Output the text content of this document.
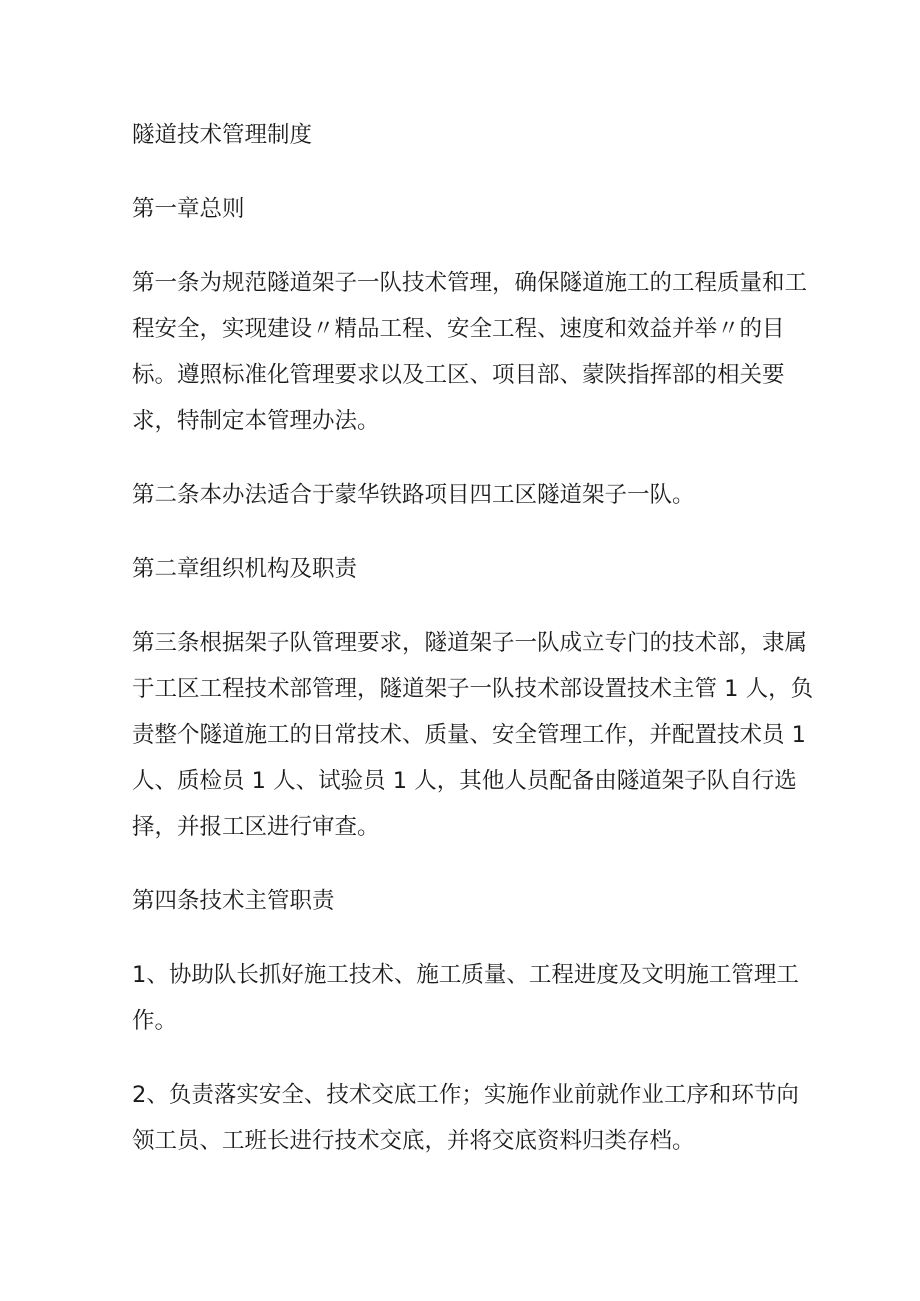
隧道技术管理制度
第一章总则
第一条为规范隧道架子一队技术管理，确保隧道施工的工程质量和工
程安全，实现建设〃精品工程、安全工程、速度和效益并举〃的目
标。遵照标准化管理要求以及工区、项目部、蒙陕指挥部的相关要
求，特制定本管理办法。
第二条本办法适合于蒙华铁路项目四工区隧道架子一队。
第二章组织机构及职责
第三条根据架子队管理要求，隧道架子一队成立专门的技术部，隶属
于工区工程技术部管理，隧道架子一队技术部设置技术主管 1 人，负
责整个隧道施工的日常技术、质量、安全管理工作，并配置技术员 1
人、质检员 1 人、试验员 1 人，其他人员配备由隧道架子队自行选
择，并报工区进行审查。
第四条技术主管职责
1、协助队长抓好施工技术、施工质量、工程进度及文明施工管理工
作。
2、负责落实安全、技术交底工作；实施作业前就作业工序和环节向
领工员、工班长进行技术交底，并将交底资料归类存档。
